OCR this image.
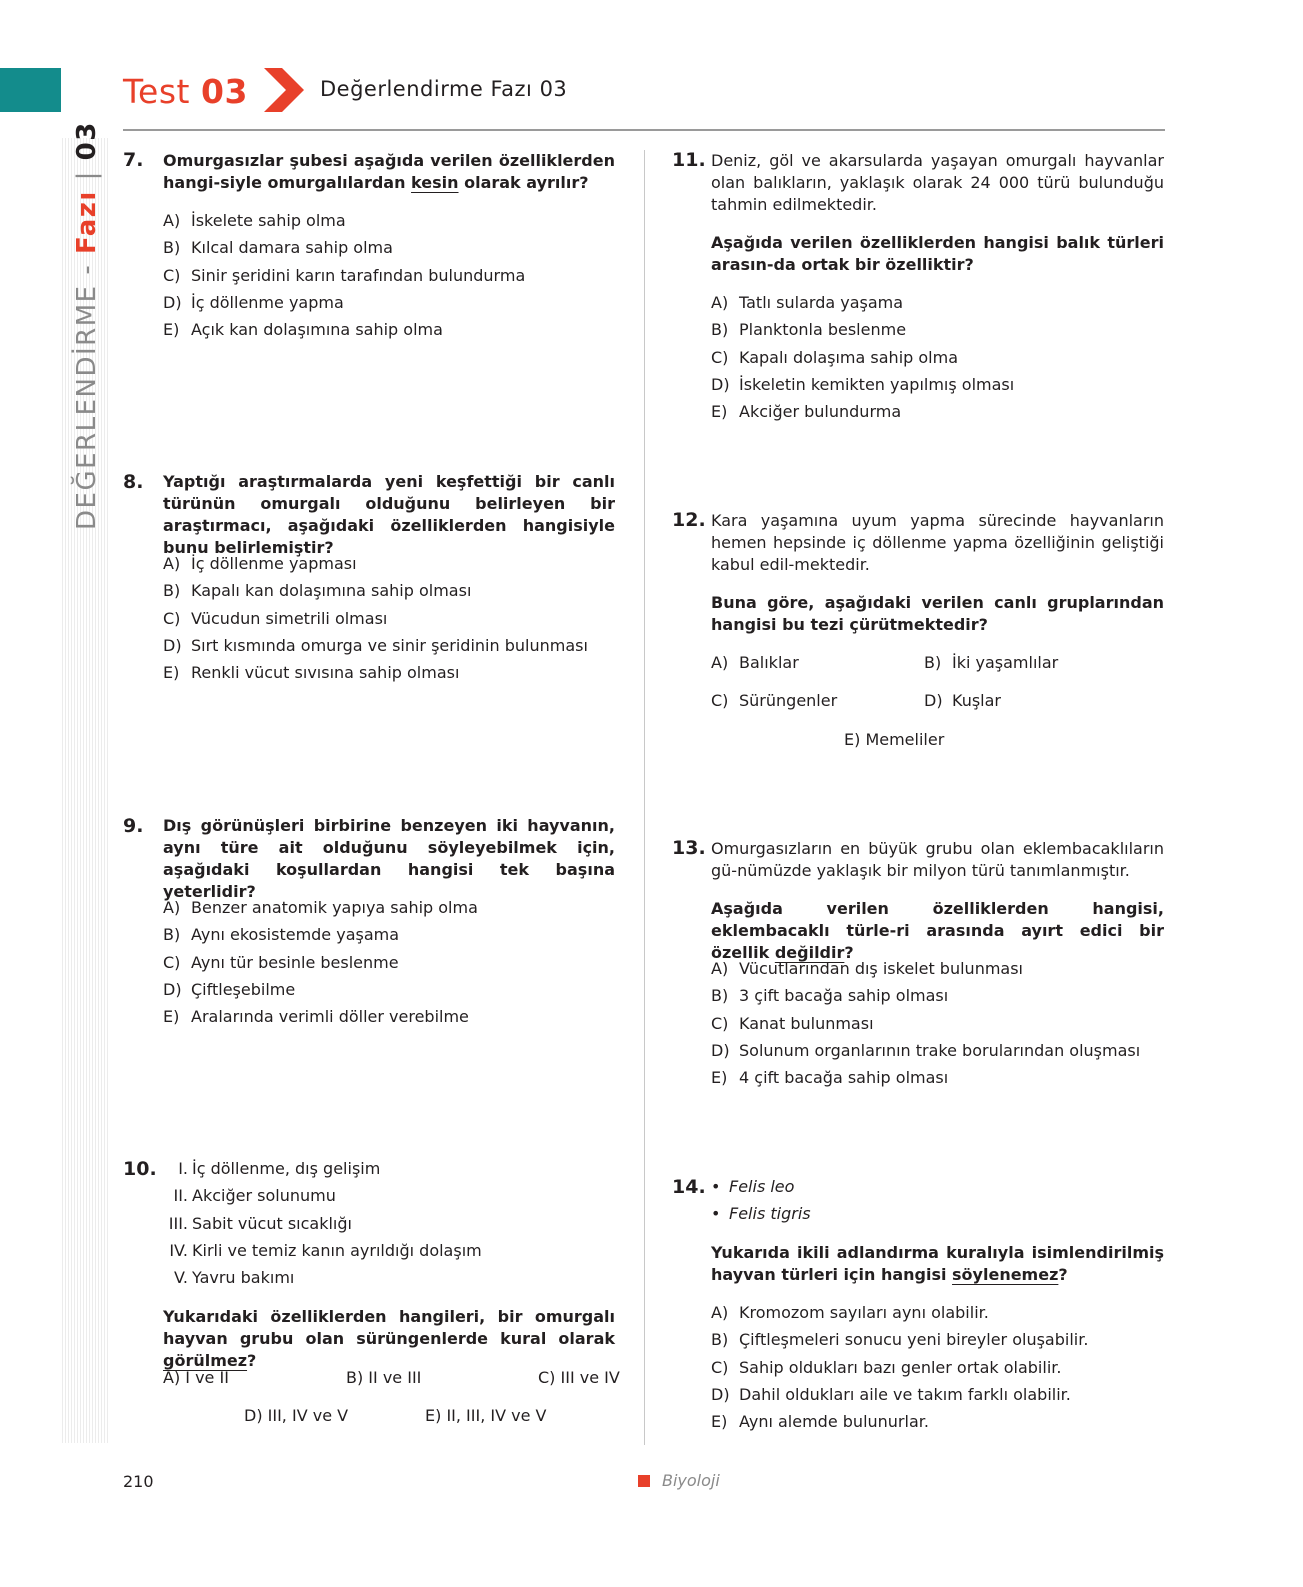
Test 03	Değerlendirme Fazı 03
DEĞERLENDİRME - Fazı | 03 7. Omurgasızlar şubesi aşağıda verilen özelliklerden hangi-siyle omurgalılardan kesin olarak ayrılır?
A) İskelete sahip olma
B) Kılcal damara sahip olma
C) Sinir şeridini karın tarafından bulundurma
D) İç döllenme yapma
E) Açık kan dolaşımına sahip olma
8. Yaptığı araştırmalarda yeni keşfettiği bir canlı türünün omurgalı olduğunu belirleyen bir araştırmacı, aşağıdaki özelliklerden hangisiyle bunu belirlemiştir?
A) İç döllenme yapması
B) Kapalı kan dolaşımına sahip olması
C) Vücudun simetrili olması
D) Sırt kısmında omurga ve sinir şeridinin bulunması
E) Renkli vücut sıvısına sahip olması
9. Dış görünüşleri birbirine benzeyen iki hayvanın, aynı türe ait olduğunu söyleyebilmek için, aşağıdaki koşullardan hangisi tek başına yeterlidir?
A) Benzer anatomik yapıya sahip olma
B) Aynı ekosistemde yaşama
C) Aynı tür besinle beslenme
D) Çiftleşebilme
E) Aralarında verimli döller verebilme
10.	I. İç döllenme, dış gelişim
II. Akciğer solunumu
III. Sabit vücut sıcaklığı
IV. Kirli ve temiz kanın ayrıldığı dolaşım
V. Yavru bakımı
Yukarıdaki özelliklerden hangileri, bir omurgalı hayvan grubu olan sürüngenlerde kural olarak görülmez?
A) I ve II	B) II ve III	C) III ve IV
D) III, IV ve V	E) II, III, IV ve V
11. Deniz, göl ve akarsularda yaşayan omurgalı hayvanlar olan balıkların, yaklaşık olarak 24 000 türü bulunduğu tahmin edilmektedir.
Aşağıda verilen özelliklerden hangisi balık türleri arasın-da ortak bir özelliktir?
A) Tatlı sularda yaşama
B) Planktonla beslenme
C) Kapalı dolaşıma sahip olma
D) İskeletin kemikten yapılmış olması
E) Akciğer bulundurma
12. Kara yaşamına uyum yapma sürecinde hayvanların hemen hepsinde iç döllenme yapma özelliğinin geliştiği kabul edil-mektedir.
Buna göre, aşağıdaki verilen canlı gruplarından hangisi bu tezi çürütmektedir?
A) Balıklar	B) İki yaşamlılar
C) Sürüngenler	D) Kuşlar
E) Memeliler
13. Omurgasızların en büyük grubu olan eklembacaklıların gü-nümüzde yaklaşık bir milyon türü tanımlanmıştır.
Aşağıda verilen özelliklerden hangisi, eklembacaklı türle-ri arasında ayırt edici bir özellik değildir?
A) Vücutlarından dış iskelet bulunması
B) 3 çift bacağa sahip olması
C) Kanat bulunması
D) Solunum organlarının trake borularından oluşması
E) 4 çift bacağa sahip olması
14. • Felis leo
• Felis tigris
Yukarıda ikili adlandırma kuralıyla isimlendirilmiş hayvan türleri için hangisi söylenemez?
A) Kromozom sayıları aynı olabilir.
B) Çiftleşmeleri sonucu yeni bireyler oluşabilir.
C) Sahip oldukları bazı genler ortak olabilir.
D) Dahil oldukları aile ve takım farklı olabilir.
E) Aynı alemde bulunurlar.
210	Biyoloji
